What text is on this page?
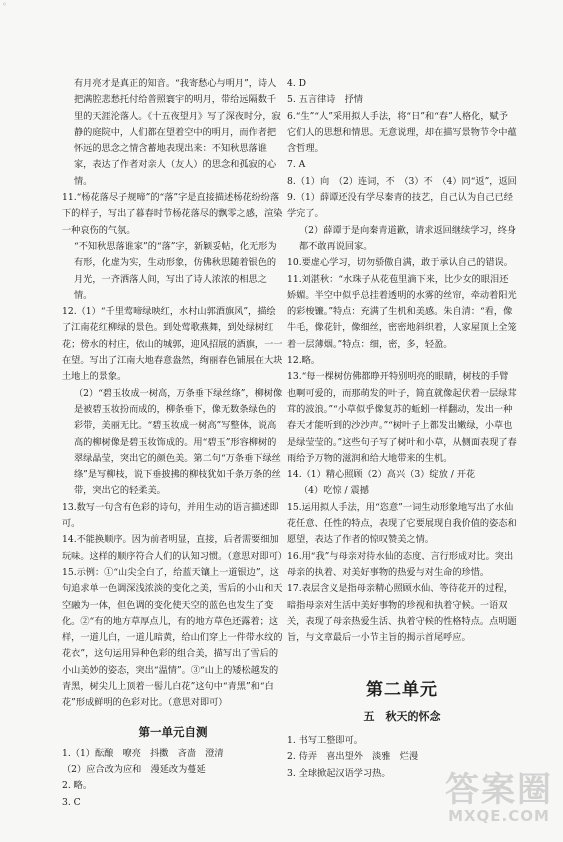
◦

有月亮才是真正的知音。“我寄愁心与明月”，诗人把满腔悲愁托付给普照寰宇的明月，带给远隔数千里的天涯沦落人。《十五夜望月》写了深夜时分，寂静的庭院中，人们都在望着空中的明月，而作者把怀远的思念之情含蓄地表现出来：不知秋思落谁家，表达了作者对亲人（友人）的思念和孤寂的心情。

11.“杨花落尽子规啼”的“落”字是直接描述杨花纷纷落下的样子，写出了暮春时节杨花落尽的飘零之感，渲染一种哀伤的气氛。

“不知秋思落谁家”的“落”字，新颖妥帖，化无形为有形，化虚为实，生动形象，仿佛秋思随着银色的月光，一齐洒落人间，写出了诗人浓浓的相思之情。

12.（1）“千里莺啼绿映红，水村山郭酒旗风”，描绘了江南花红柳绿的景色。到处莺歌燕舞，到处绿树红花；傍水的村庄，依山的城郭，迎风招展的酒旗，一一在望。写出了江南大地春意盎然，绚丽春色铺展在大块土地上的景象。

（2）“碧玉妆成一树高，万条垂下绿丝绦”，柳树像是被碧玉妆扮而成的，柳条垂下，像无数条绿色的彩带，美丽无比。“碧玉妆成一树高”写整体，说高高的柳树像是碧玉妆饰成的。用“碧玉”形容柳树的翠绿晶莹，突出它的颜色美。第二句“万条垂下绿丝绦”是写柳枝，说下垂披拂的柳枝犹如千条万条的丝带，突出它的轻柔美。

13.数写一句含有色彩的诗句，并用生动的语言描述即可。

14.不能换顺序。因为前者明显，直接，后者需要细加玩味。这样的顺序符合人们的认知习惯。（意思对即可）

15.示例：①“山尖全白了，给蓝天镶上一道银边”，这句追求单一色调深浅浓淡的变化之美，雪后的小山和天空融为一体，但色调的变化使天空的蓝色也发生了变化。②“有的地方草厚点儿，有的地方草色还露着；这样，一道儿白，一道儿暗黄，给山们穿上一件带水纹的花衣”，这句运用异种色彩的组合美，描写出了雪后的小山美妙的姿态，突出“温情”。③“山上的矮松越发的青黑，树尖儿上顶着一髻儿白花”这句中“青黑”和“白花”形成鲜明的色彩对比。（意思对即可）

第一单元自测

1.（1）酝酿　嘹亮　抖擞　吝啬　澄清

（2）应合改为应和　漫延改为蔓延

2. 略。

3. C

4. D

5. 五言律诗　抒情

6.“生”“人”采用拟人手法，将“日”和“春”人格化，赋予它们人的思想和情思。无意说理，却在描写景物节令中蕴含哲理。

7. A

8.（1）向　（2）连词，不　（3）不　（4）同“返”，返回

9.（1）薛谭还没有学尽秦青的技艺，自己认为自己已经学完了。

（2）薛谭于是向秦青道歉，请求返回继续学习，终身都不敢再说回家。

10.要虚心学习，切勿骄傲自满，敢于承认自己的错误。

11.刘湛秋：“水珠子从花苞里滴下来，比少女的眼泪还娇媚。半空中似乎总挂着透明的水雾的丝帘，牵动着阳光的彩梭镰。”特点：充满了生机和美感。朱自清：“看，像牛毛，像花针，像细丝，密密地斜织着，人家屋顶上全笼着一层薄烟。”特点：细，密，多，轻盈。

12.略。

13.“每一棵树仿佛都睁开特别明亮的眼睛，树枝的手臂也啊可爱的，而那萌发的叶子，简直就像起伏着一层绿茸茸的波浪。”“小草似乎像复苏的蚯蚓一样翻动，发出一种春天才能听到的沙沙声。”“树叶子上都发出嫩绿，小草也是绿莹莹的。”这些句子写了树叶和小草，从侧面表现了春雨给予万物的滋润和给大地带来的生机。

14.（1）精心照顾（2）高兴（3）绽放 / 开花

（4）吃惊 / 震撼

15.运用拟人手法，用“恣意”一词生动形象地写出了水仙花任意、任性的特点，表现了它要展现自我价值的姿态和愿望，表达了作者的惊叹赞美之情。

16.用“我”与母亲对待水仙的态度、言行形成对比。突出母亲的执着、对美好事物的热爱与对生命的珍惜。

17.表层含义是指母亲精心照顾水仙、等待花开的过程，暗指母亲对生活中美好事物的珍视和执着守候。一语双关，表现了母亲热爱生活、执着守候的性格特点。点明题旨，与文章最后一小节主旨的揭示首尾呼应。

第二单元
五　秋天的怀念

1. 书写工整即可。

2. 侍弄　喜出望外　淡雅　烂漫

3. 全球掀起汉语学习热。	答案圈
MXQE.COM
